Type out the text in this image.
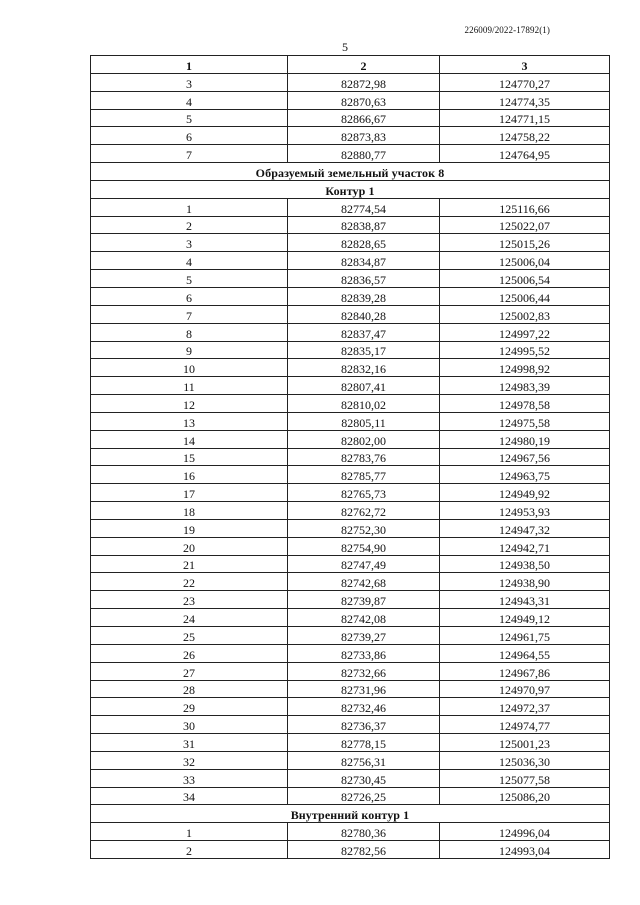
226009/2022-17892(1)
5
1	2	3
3	82872,98	124770,27
4	82870,63	124774,35
5	82866,67	124771,15
6	82873,83	124758,22
7	82880,77	124764,95
Образуемый земельный участок 8		
Контур 1		
1	82774,54	125116,66
2	82838,87	125022,07
3	82828,65	125015,26
4	82834,87	125006,04
5	82836,57	125006,54
6	82839,28	125006,44
7	82840,28	125002,83
8	82837,47	124997,22
9	82835,17	124995,52
10	82832,16	124998,92
11	82807,41	124983,39
12	82810,02	124978,58
13	82805,11	124975,58
14	82802,00	124980,19
15	82783,76	124967,56
16	82785,77	124963,75
17	82765,73	124949,92
18	82762,72	124953,93
19	82752,30	124947,32
20	82754,90	124942,71
21	82747,49	124938,50
22	82742,68	124938,90
23	82739,87	124943,31
24	82742,08	124949,12
25	82739,27	124961,75
26	82733,86	124964,55
27	82732,66	124967,86
28	82731,96	124970,97
29	82732,46	124972,37
30	82736,37	124974,77
31	82778,15	125001,23
32	82756,31	125036,30
33	82730,45	125077,58
34	82726,25	125086,20
Внутренний контур 1		
1	82780,36	124996,04
2	82782,56	124993,04
